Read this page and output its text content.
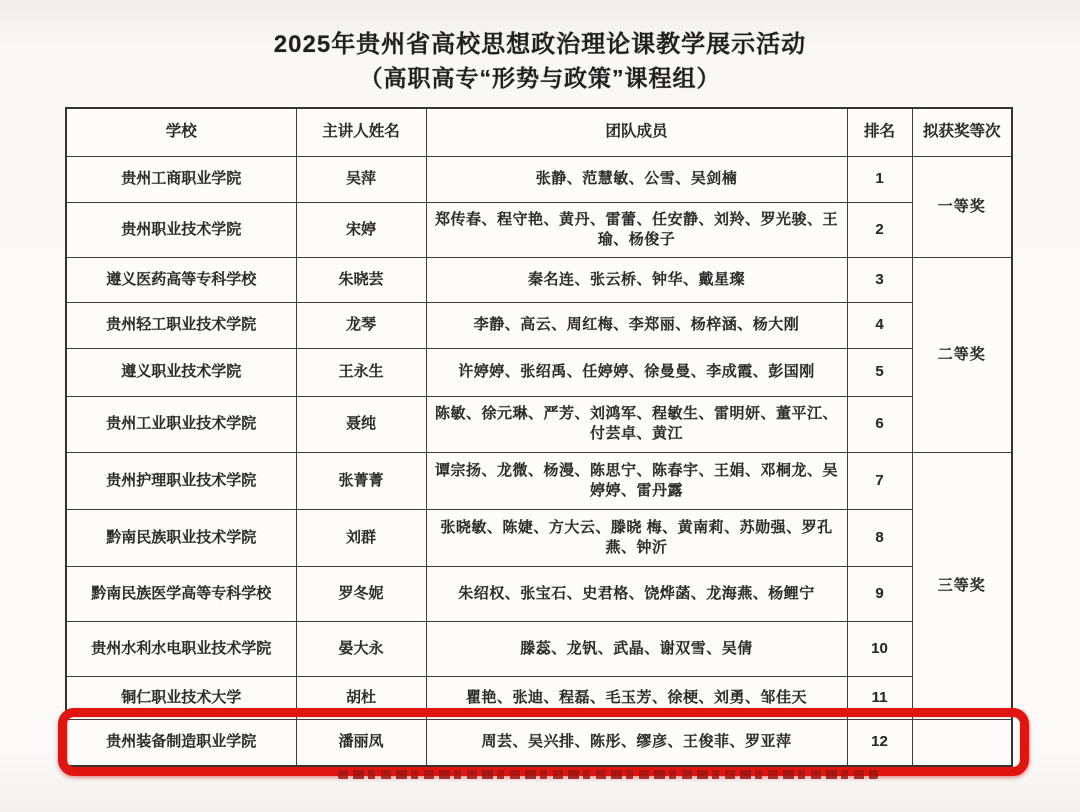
2025年贵州省高校思想政治理论课教学展示活动
（高职高专“形势与政策”课程组）
学校	主讲人姓名	团队成员	排名	拟获奖等次
贵州工商职业学院	吴萍	张静、范慧敏、公雪、吴剑楠	1	一等奖
贵州职业技术学院	宋婷	郑传春、程守艳、黄丹、雷蕾、任安静、刘羚、罗光骏、王瑜、杨俊子	2	
遵义医药高等专科学校	朱晓芸	秦名连、张云桥、钟华、戴星璨	3	二等奖
贵州轻工职业技术学院	龙琴	李静、高云、周红梅、李郑丽、杨梓涵、杨大刚	4	
遵义职业技术学院	王永生	许婷婷、张绍禹、任婷婷、徐曼曼、李成霞、彭国刚	5	
贵州工业职业技术学院	聂纯	陈敏、徐元琳、严芳、刘鸿军、程敏生、雷明妍、董平江、付芸卓、黄江	6	
贵州护理职业技术学院	张菁菁	谭宗扬、龙微、杨漫、陈思宁、陈春宇、王娟、邓桐龙、吴婷婷、雷丹露	7	三等奖
黔南民族职业技术学院	刘群	张晓敏、陈婕、方大云、滕晓 梅、黄南莉、苏勋强、罗孔燕、钟沂	8	
黔南民族医学高等专科学校	罗冬妮	朱绍权、张宝石、史君格、饶烨菡、龙海燕、杨鲤宁	9	
贵州水利水电职业技术学院	晏大永	滕蕊、龙钒、武晶、谢双雪、吴倩	10	
铜仁职业技术大学	胡杜	瞿艳、张迪、程磊、毛玉芳、徐梗、刘勇、邹佳天	11	
贵州装备制造职业学院	潘丽凤	周芸、吴兴排、陈彤、缪彦、王俊菲、罗亚萍	12	
